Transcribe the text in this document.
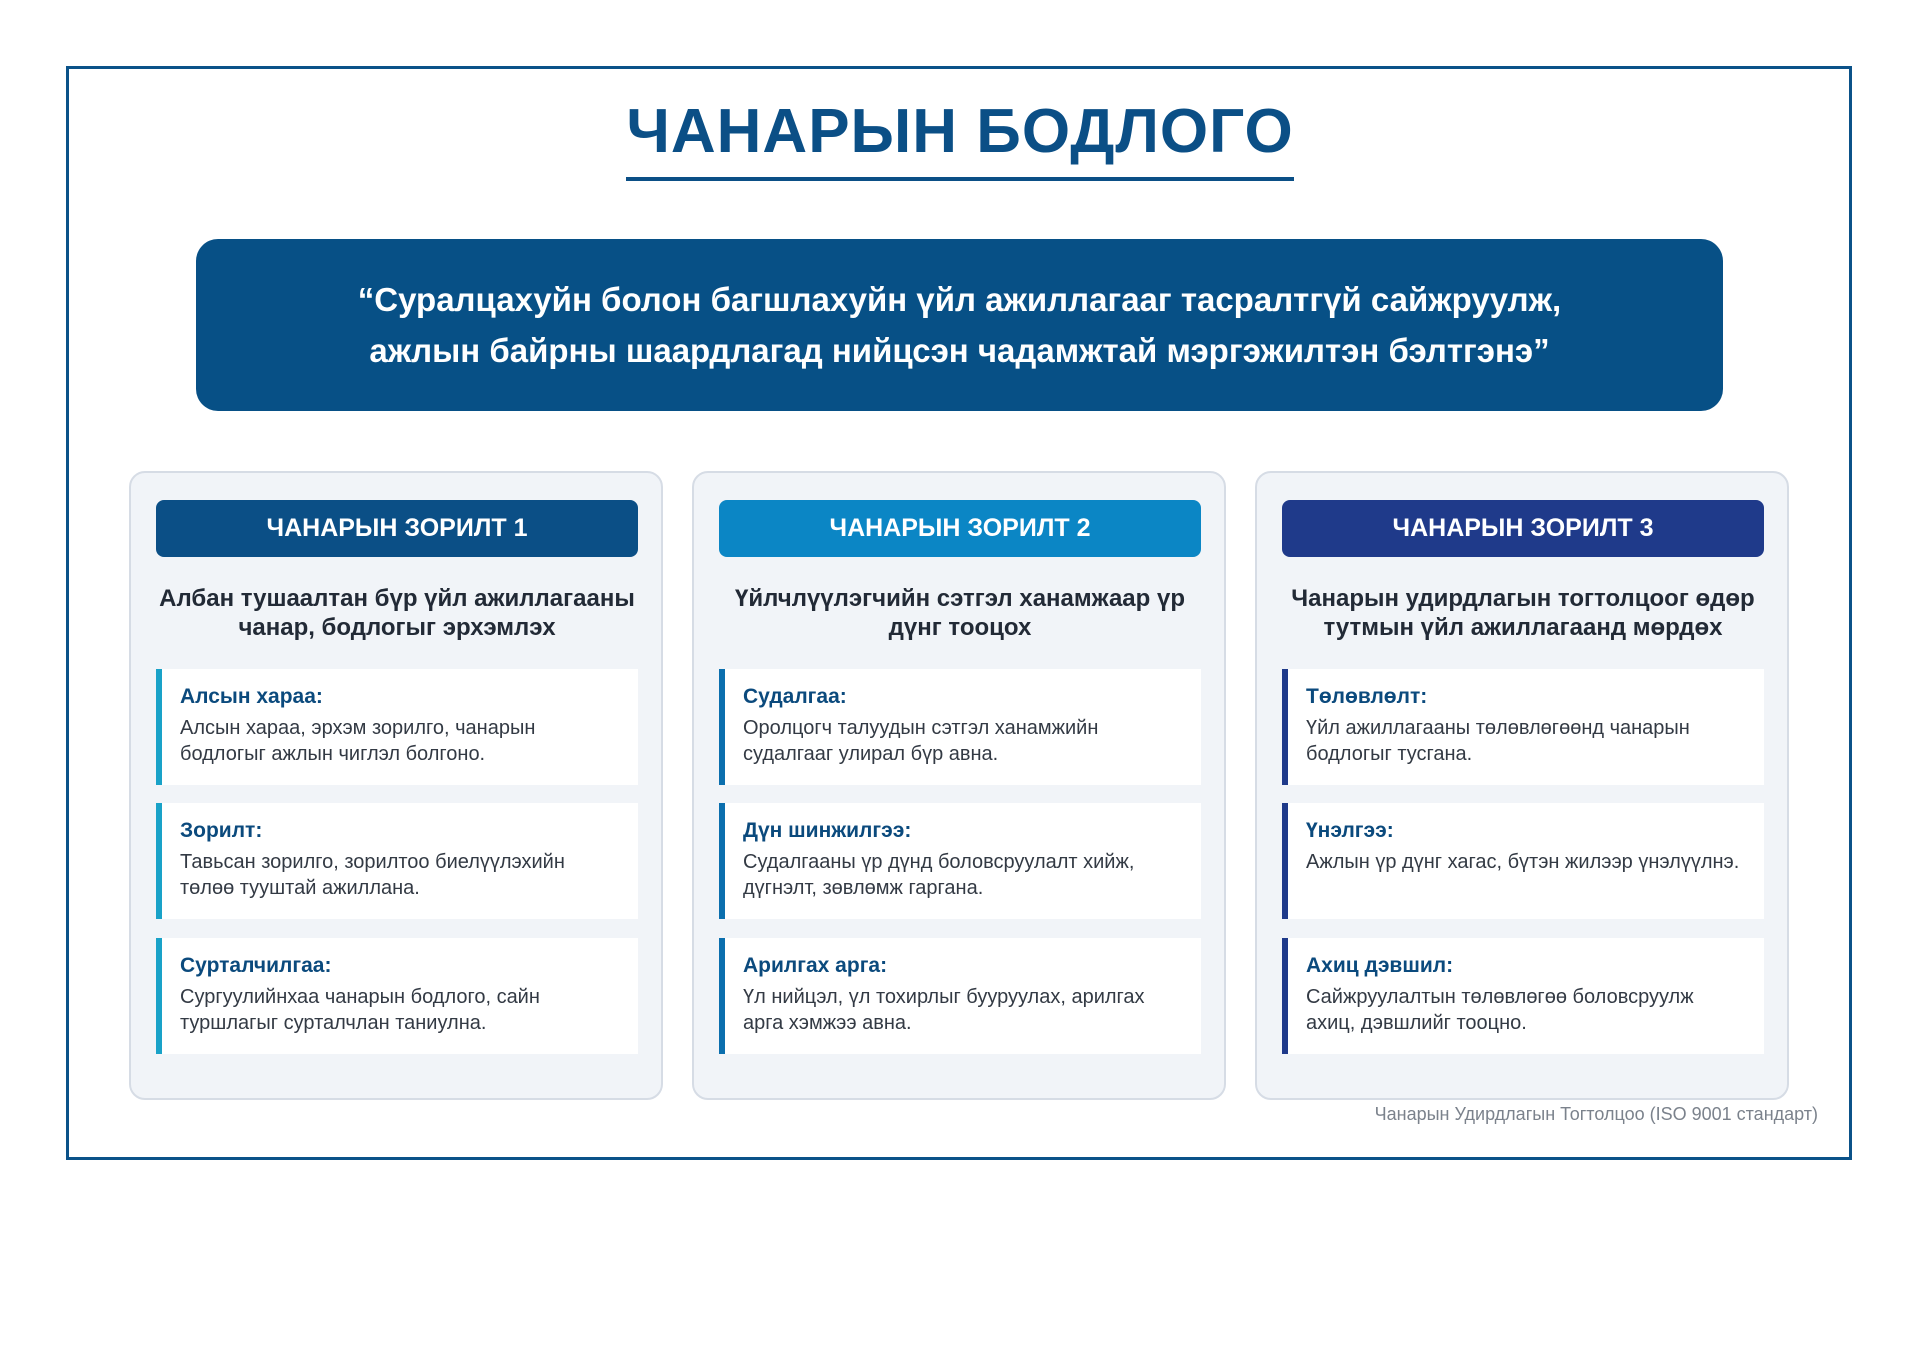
ЧАНАРЫН БОДЛОГО
“Суралцахуйн болон багшлахуйн үйл ажиллагааг тасралтгүй сайжруулж,
ажлын байрны шаардлагад нийцсэн чадамжтай мэргэжилтэн бэлтгэнэ”
ЧАНАРЫН ЗОРИЛТ 1
Албан тушаалтан бүр үйл ажиллагааны чанар, бодлогыг эрхэмлэх
Алсын хараа:
Алсын хараа, эрхэм зорилго, чанарын бодлогыг ажлын чиглэл болгоно.
Зорилт:
Тавьсан зорилго, зорилтоо биелүүлэхийн төлөө тууштай ажиллана.
Сурталчилгаа:
Сургуулийнхаа чанарын бодлого, сайн туршлагыг сурталчлан таниулна.
ЧАНАРЫН ЗОРИЛТ 2
Үйлчлүүлэгчийн сэтгэл ханамжаар үр дүнг тооцох
Судалгаа:
Оролцогч талуудын сэтгэл ханамжийн судалгааг улирал бүр авна.
Дүн шинжилгээ:
Судалгааны үр дүнд боловсруулалт хийж, дүгнэлт, зөвлөмж гаргана.
Арилгах арга:
Үл нийцэл, үл тохирлыг бууруулах, арилгах арга хэмжээ авна.
ЧАНАРЫН ЗОРИЛТ 3
Чанарын удирдлагын тогтолцоог өдөр тутмын үйл ажиллагаанд мөрдөх
Төлөвлөлт:
Үйл ажиллагааны төлөвлөгөөнд чанарын бодлогыг тусгана.
Үнэлгээ:
Ажлын үр дүнг хагас, бүтэн жилээр үнэлүүлнэ.
Ахиц дэвшил:
Сайжруулалтын төлөвлөгөө боловсруулж ахиц, дэвшлийг тооцно.
Чанарын Удирдлагын Тогтолцоо (ISO 9001 стандарт)
